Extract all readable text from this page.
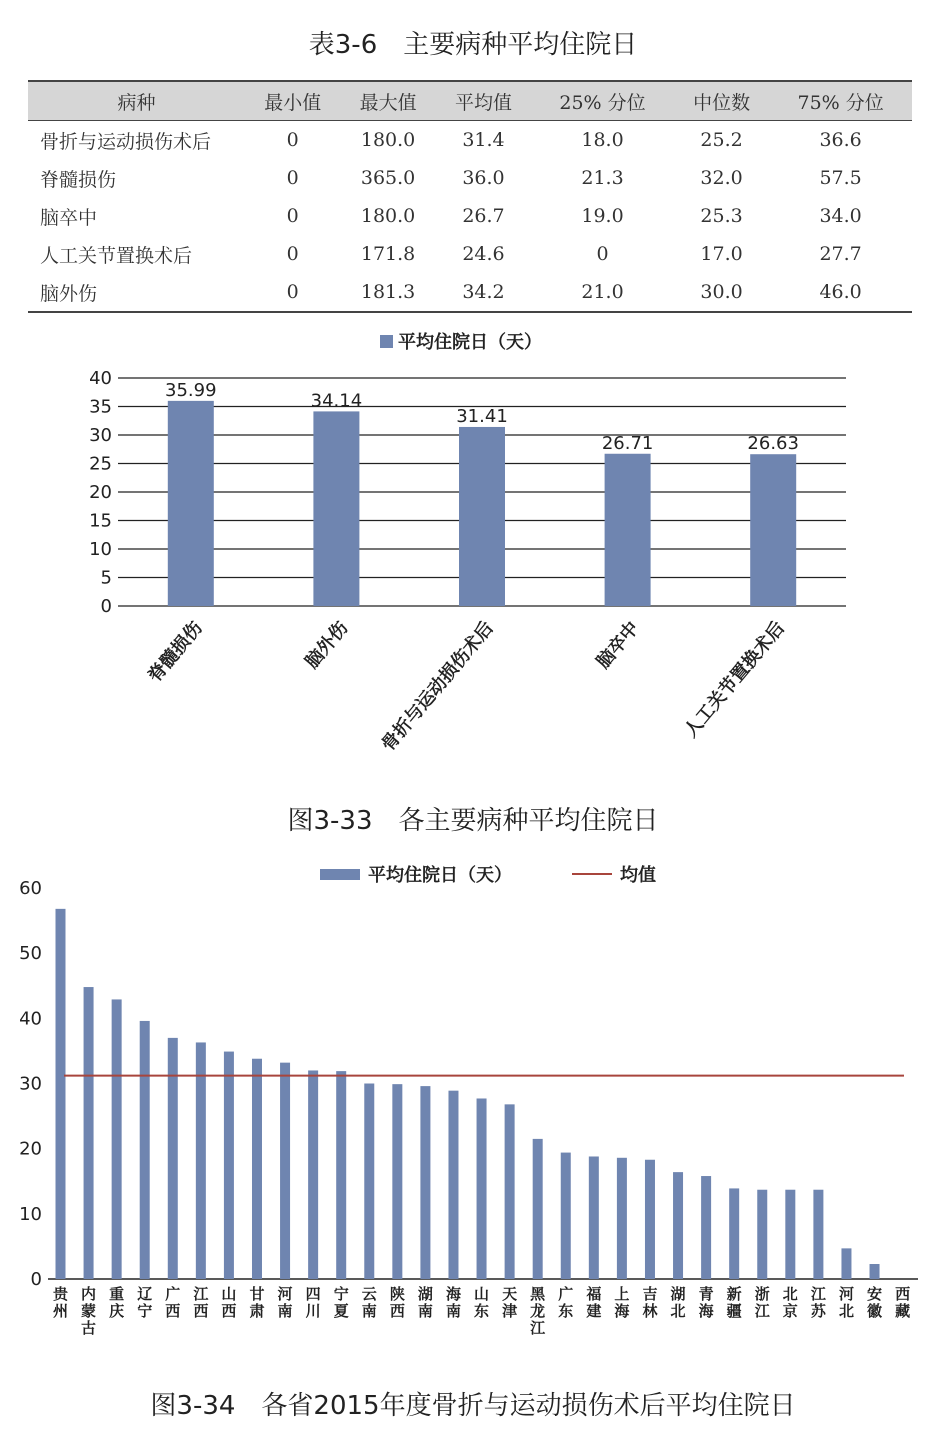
表3-6　主要病种平均住院日
病种	最小值	最大值	平均值	25% 分位	中位数	75% 分位
骨折与运动损伤术后	0	180.0	31.4	18.0	25.2	36.6
脊髓损伤	0	365.0	36.0	21.3	32.0	57.5
脑卒中	0	180.0	26.7	19.0	25.3	34.0
人工关节置换术后	0	171.8	24.6	0	17.0	27.7
脑外伤	0	181.3	34.2	21.0	30.0	46.0
平均住院日（天）
0
5
10
15
20
25
30
35
40
35.99
脊髓损伤
34.14
脑外伤
31.41
骨折与运动损伤术后
26.71
脑卒中
26.63
人工关节置换术后
图3-33　各主要病种平均住院日
平均住院日（天）	均值
0
10
20
30
40
50
60
贵州
内蒙古
重庆
辽宁
广西
江西
山西
甘肃
河南
四川
宁夏
云南
陕西
湖南
海南
山东
天津
黑龙江
广东
福建
上海
吉林
湖北
青海
新疆
浙江
北京
江苏
河北
安徽
西藏
图3-34　各省2015年度骨折与运动损伤术后平均住院日
